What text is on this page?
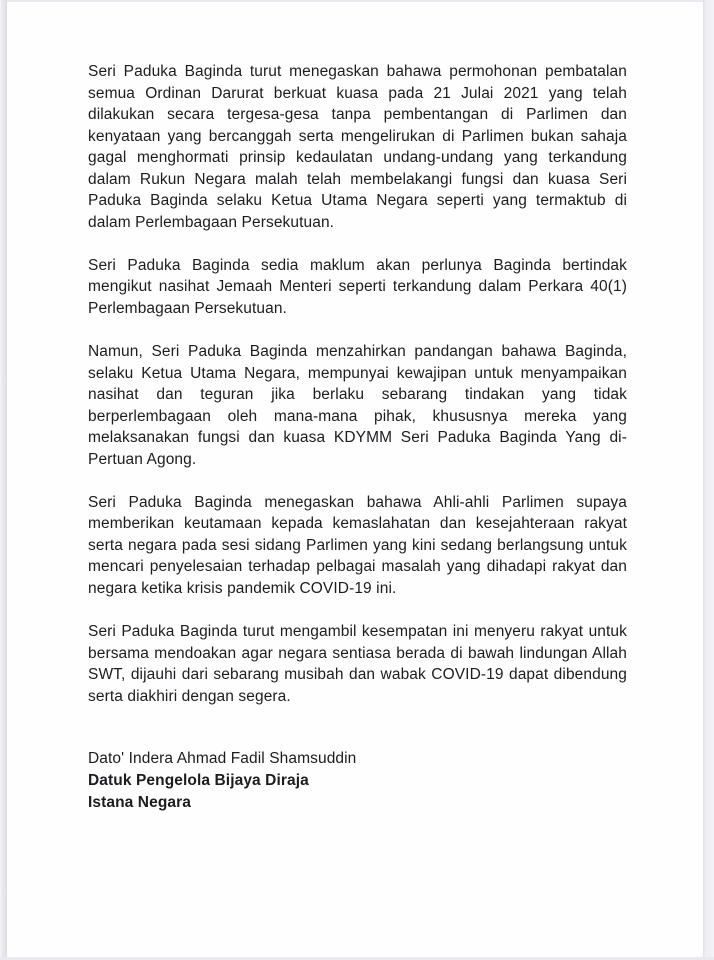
Seri Paduka Baginda turut menegaskan bahawa permohonan pembatalan semua Ordinan Darurat berkuat kuasa pada 21 Julai 2021 yang telah dilakukan secara tergesa-gesa tanpa pembentangan di Parlimen dan kenyataan yang bercanggah serta mengelirukan di Parlimen bukan sahaja gagal menghormati prinsip kedaulatan undang-undang yang terkandung dalam Rukun Negara malah telah membelakangi fungsi dan kuasa Seri Paduka Baginda selaku Ketua Utama Negara seperti yang termaktub di dalam Perlembagaan Persekutuan.

Seri Paduka Baginda sedia maklum akan perlunya Baginda bertindak mengikut nasihat Jemaah Menteri seperti terkandung dalam Perkara 40(1) Perlembagaan Persekutuan.

Namun, Seri Paduka Baginda menzahirkan pandangan bahawa Baginda, selaku Ketua Utama Negara, mempunyai kewajipan untuk menyampaikan nasihat dan teguran jika berlaku sebarang tindakan yang tidak berperlembagaan oleh mana-mana pihak, khususnya mereka yang melaksanakan fungsi dan kuasa KDYMM Seri Paduka Baginda Yang di-Pertuan Agong.

Seri Paduka Baginda menegaskan bahawa Ahli-ahli Parlimen supaya memberikan keutamaan kepada kemaslahatan dan kesejahteraan rakyat serta negara pada sesi sidang Parlimen yang kini sedang berlangsung untuk mencari penyelesaian terhadap pelbagai masalah yang dihadapi rakyat dan negara ketika krisis pandemik COVID-19 ini.

Seri Paduka Baginda turut mengambil kesempatan ini menyeru rakyat untuk bersama mendoakan agar negara sentiasa berada di bawah lindungan Allah SWT, dijauhi dari sebarang musibah dan wabak COVID-19 dapat dibendung serta diakhiri dengan segera.

Dato' Indera Ahmad Fadil Shamsuddin
Datuk Pengelola Bijaya Diraja
Istana Negara
